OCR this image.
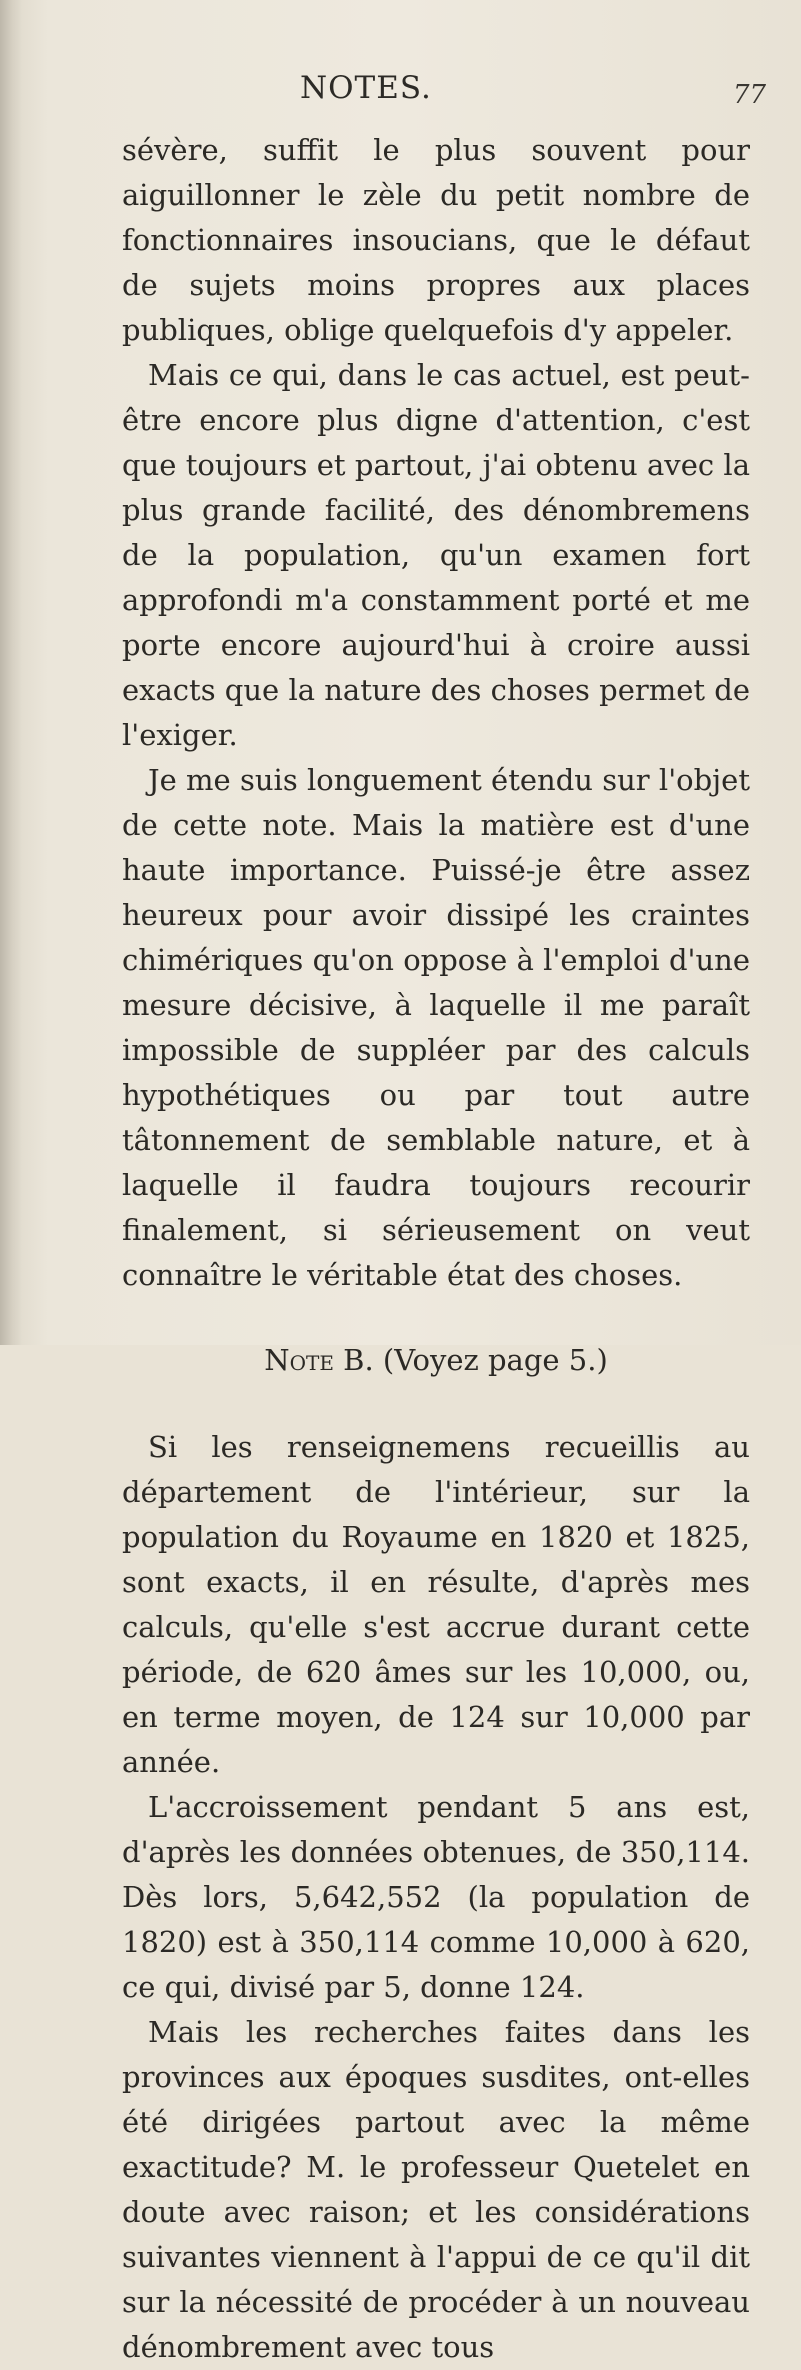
NOTES.	77

sévère, suffit le plus souvent pour aiguillonner le zèle du petit nombre de fonctionnaires insoucians, que le défaut de sujets moins propres aux places publiques, oblige quelquefois d'y appeler.

Mais ce qui, dans le cas actuel, est peut-être encore plus digne d'attention, c'est que toujours et partout, j'ai obtenu avec la plus grande facilité, des dénombremens de la population, qu'un examen fort approfondi m'a constamment porté et me porte encore aujourd'hui à croire aussi exacts que la nature des choses permet de l'exiger.

Je me suis longuement étendu sur l'objet de cette note. Mais la matière est d'une haute importance. Puissé-je être assez heureux pour avoir dissipé les craintes chimériques qu'on oppose à l'emploi d'une mesure décisive, à laquelle il me paraît impossible de suppléer par des calculs hypothétiques ou par tout autre tâtonnement de semblable nature, et à laquelle il faudra toujours recourir finalement, si sérieusement on veut connaître le véritable état des choses.

Note B. (Voyez page 5.)

Si les renseignemens recueillis au département de l'intérieur, sur la population du Royaume en 1820 et 1825, sont exacts, il en résulte, d'après mes calculs, qu'elle s'est accrue durant cette période, de 620 âmes sur les 10,000, ou, en terme moyen, de 124 sur 10,000 par année.

L'accroissement pendant 5 ans est, d'après les données obtenues, de 350,114. Dès lors, 5,642,552 (la population de 1820) est à 350,114 comme 10,000 à 620, ce qui, divisé par 5, donne 124.

Mais les recherches faites dans les provinces aux époques susdites, ont-elles été dirigées partout avec la même exactitude? M. le professeur Quetelet en doute avec raison; et les considérations suivantes viennent à l'appui de ce qu'il dit sur la nécessité de procéder à un nouveau dénombrement avec tous
